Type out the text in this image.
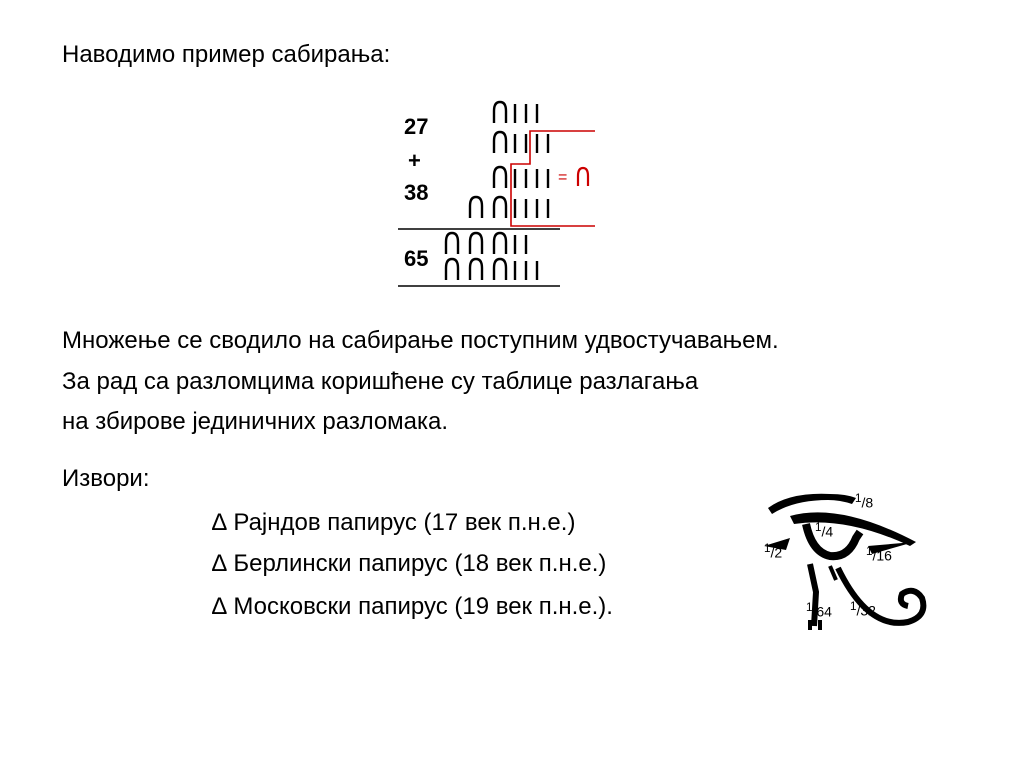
Наводимо пример сабирања:
27
+
38
65
=
Множење се сводило на сабирање поступним удвостучавањем.
За рад са разломцима коришћене су таблице разлагања
на збирове јединичних разломака.
Извори:
∆ Рајндов папирус (17 век п.н.е.)
∆ Берлински папирус (18 век п.н.е.)
∆ Московски папирус (19 век п.н.е.).
$^1$/8
$^1$/4
$^1$/2	$^1$/16
$^1$/64 $^1$/32
